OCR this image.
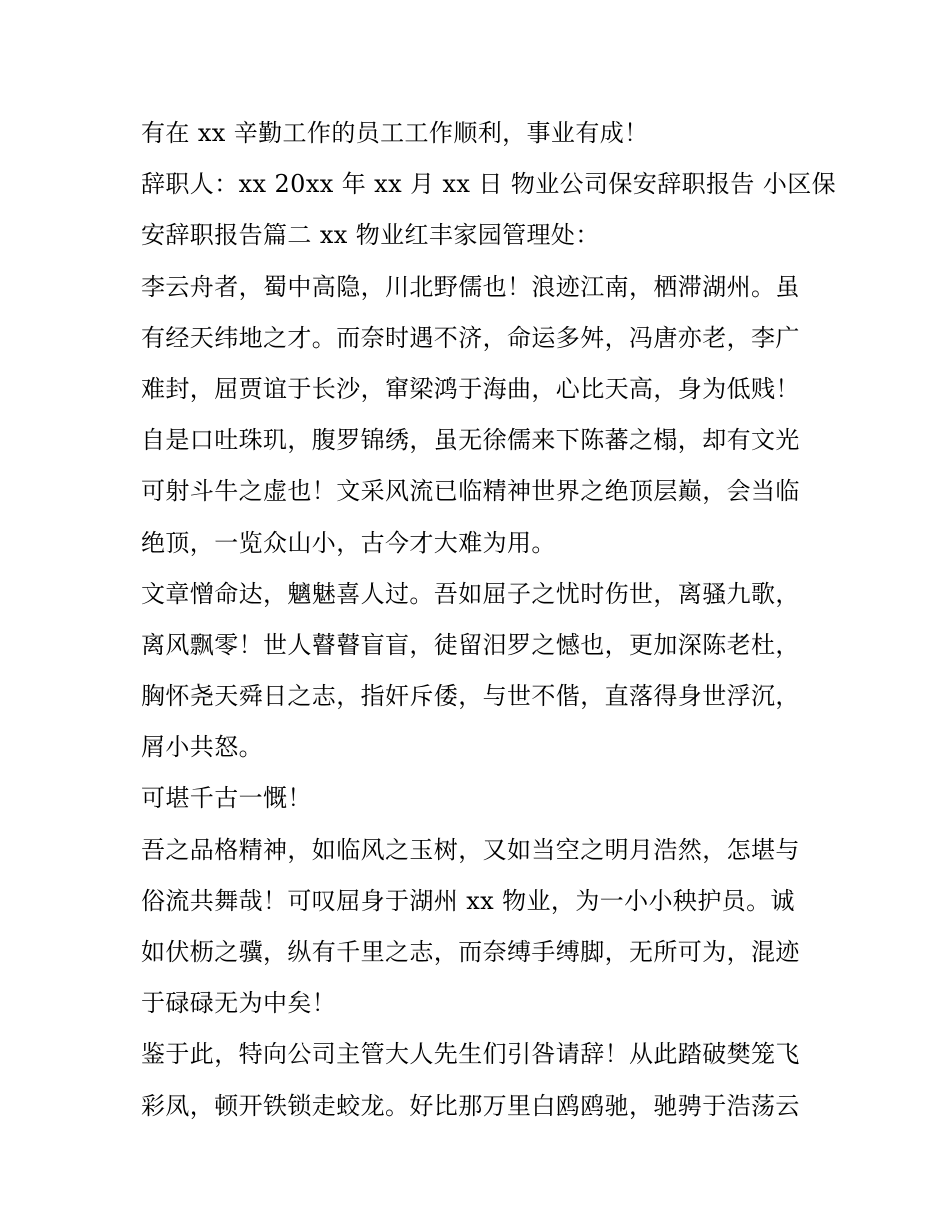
有在 xx 辛勤工作的员工工作顺利，事业有成！
辞职人：xx 20xx 年 xx 月 xx 日 物业公司保安辞职报告 小区保
安辞职报告篇二 xx 物业红丰家园管理处：
李云舟者，蜀中高隐，川北野儒也！浪迹江南，栖滞湖州。虽
有经天纬地之才。而奈时遇不济，命运多舛，冯唐亦老，李广
难封，屈贾谊于长沙，窜梁鸿于海曲，心比天高，身为低贱！
自是口吐珠玑，腹罗锦绣，虽无徐儒来下陈蕃之榻，却有文光
可射斗牛之虚也！文采风流已临精神世界之绝顶层巅，会当临
绝顶，一览众山小，古今才大难为用。
文章憎命达，魑魅喜人过。吾如屈子之忧时伤世，离骚九歌，
离风飘零！世人瞽瞽盲盲，徒留汨罗之憾也，更加深陈老杜，
胸怀尧天舜日之志，指奸斥倭，与世不偕，直落得身世浮沉，
屑小共怒。
可堪千古一慨！
吾之品格精神，如临风之玉树，又如当空之明月浩然，怎堪与
俗流共舞哉！可叹屈身于湖州 xx 物业，为一小小秧护员。诚
如伏枥之骥，纵有千里之志，而奈缚手缚脚，无所可为，混迹
于碌碌无为中矣！
鉴于此，特向公司主管大人先生们引咎请辞！从此踏破樊笼飞
彩凤，顿开铁锁走蛟龙。好比那万里白鸥鸥驰，驰骋于浩荡云
